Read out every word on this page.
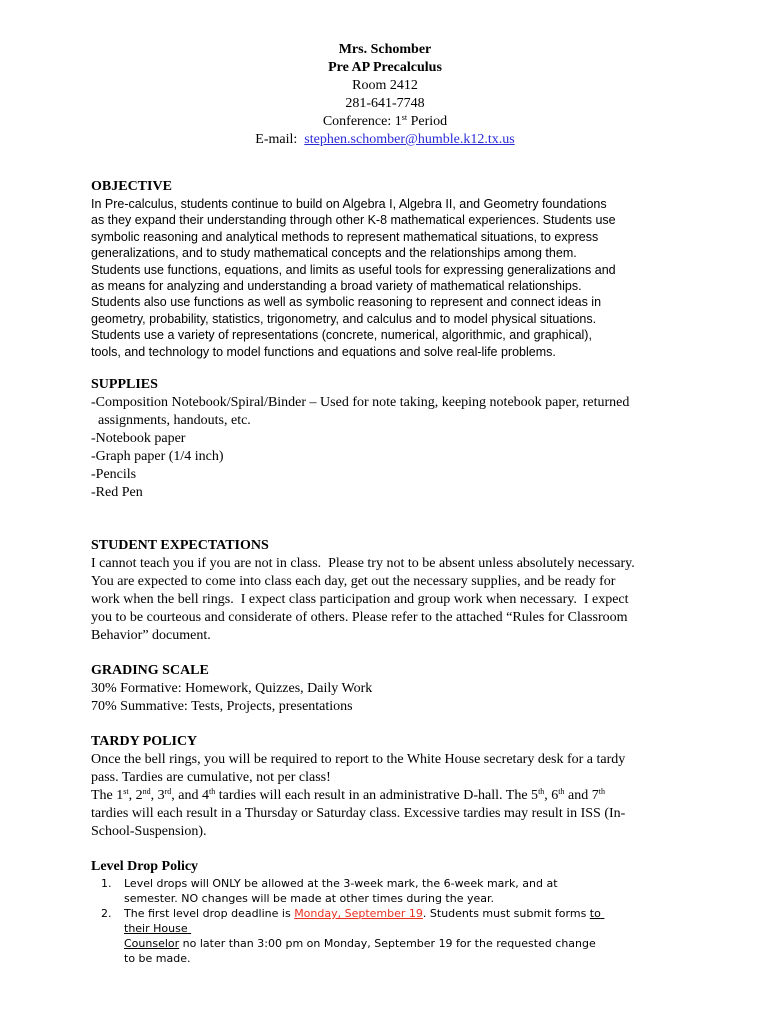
Mrs. Schomber
Pre AP Precalculus
Room 2412
281-641-7748
Conference: 1st Period
E-mail: stephen.schomber@humble.k12.tx.us
OBJECTIVE
In Pre-calculus, students continue to build on Algebra I, Algebra II, and Geometry foundations
as they expand their understanding through other K-8 mathematical experiences. Students use
symbolic reasoning and analytical methods to represent mathematical situations, to express
generalizations, and to study mathematical concepts and the relationships among them.
Students use functions, equations, and limits as useful tools for expressing generalizations and
as means for analyzing and understanding a broad variety of mathematical relationships.
Students also use functions as well as symbolic reasoning to represent and connect ideas in
geometry, probability, statistics, trigonometry, and calculus and to model physical situations.
Students use a variety of representations (concrete, numerical, algorithmic, and graphical),
tools, and technology to model functions and equations and solve real-life problems.
SUPPLIES
-Composition Notebook/Spiral/Binder – Used for note taking, keeping notebook paper, returned
assignments, handouts, etc.
-Notebook paper
-Graph paper (1/4 inch)
-Pencils
-Red Pen
STUDENT EXPECTATIONS
I cannot teach you if you are not in class.  Please try not to be absent unless absolutely necessary.
You are expected to come into class each day, get out the necessary supplies, and be ready for
work when the bell rings.  I expect class participation and group work when necessary.  I expect
you to be courteous and considerate of others. Please refer to the attached “Rules for Classroom
Behavior” document.
GRADING SCALE
30% Formative: Homework, Quizzes, Daily Work
70% Summative: Tests, Projects, presentations
TARDY POLICY
Once the bell rings, you will be required to report to the White House secretary desk for a tardy
pass. Tardies are cumulative, not per class!
The 1st, 2nd, 3rd, and 4th tardies will each result in an administrative D-hall. The 5th, 6th and 7th
tardies will each result in a Thursday or Saturday class. Excessive tardies may result in ISS (In-
School-Suspension).
Level Drop Policy
1. Level drops will ONLY be allowed at the 3-week mark, the 6-week mark, and at
semester. NO changes will be made at other times during the year.
2. The first level drop deadline is Monday, September 19. Students must submit forms to
their House
Counselor no later than 3:00 pm on Monday, September 19 for the requested change
to be made.
